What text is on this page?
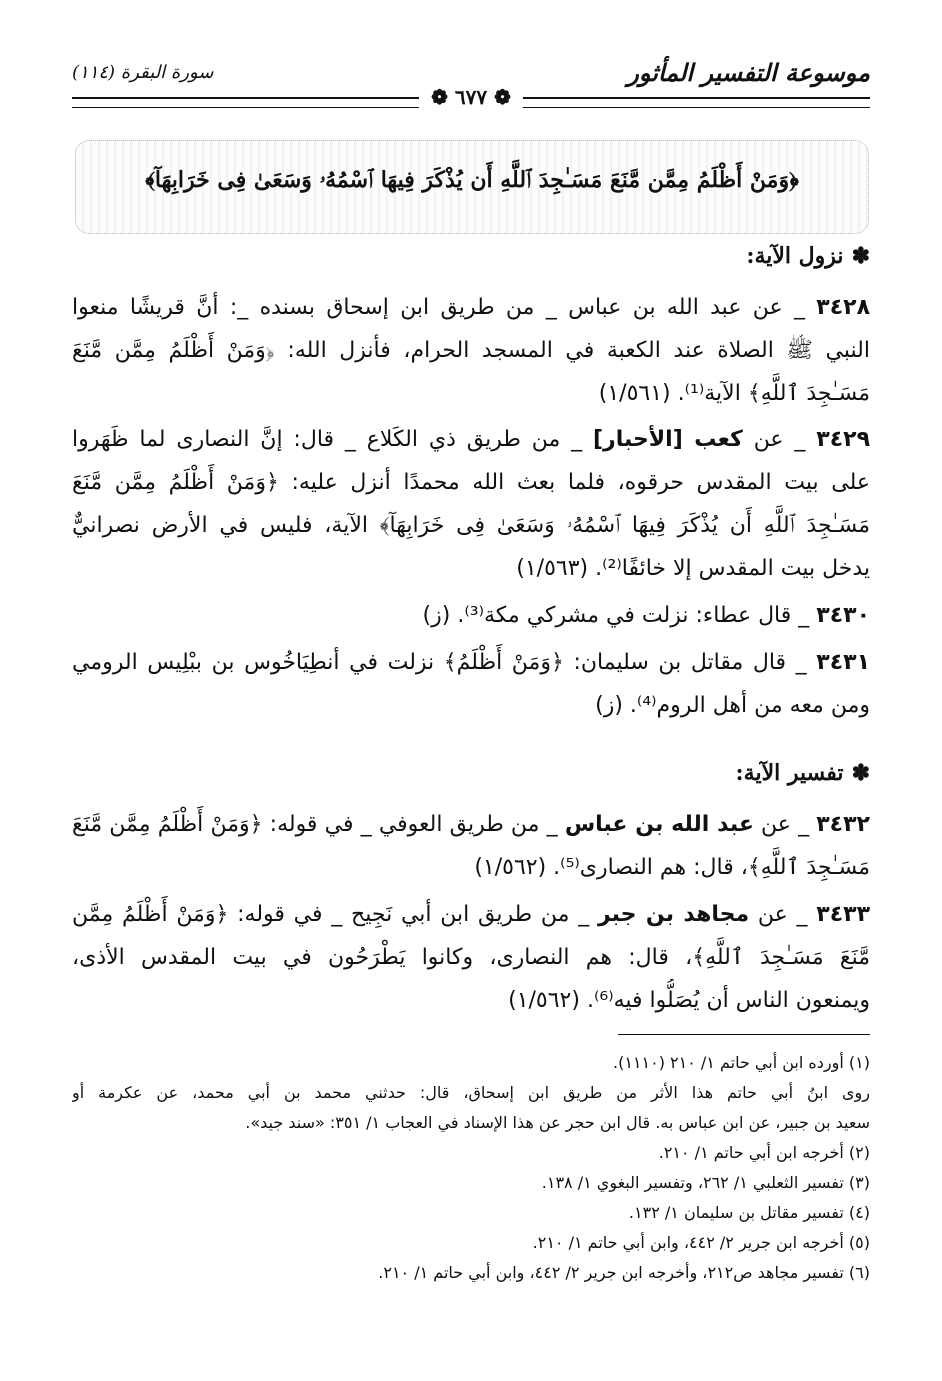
موسوعة التفسير المأثور
سورة البقرة (١١٤)
❁ ٦٧٧ ❁
﴿وَمَنْ أَظْلَمُ مِمَّن مَّنَعَ مَسَـٰجِدَ ٱللَّهِ أَن يُذْكَرَ فِيهَا ٱسْمُهُۥ وَسَعَىٰ فِى خَرَابِهَآ﴾
✽نزول الآية:
٣٤٢٨ _ عن عبد الله بن عباس _ من طريق ابن إسحاق بسنده _: أنَّ قريشًا منعوا
النبي ﷺ الصلاة عند الكعبة في المسجد الحرام، فأنزل الله: ﴿وَمَنْ أَظْلَمُ مِمَّن مَّنَعَ
مَسَـٰجِدَ ٱللَّهِ﴾ الآية⁽¹⁾. (١/٥٦١)
٣٤٢٩ _ عن كعب [الأحبار] _ من طريق ذي الكَلاع _ قال: إنَّ النصارى لما ظَهَروا
على بيت المقدس حرقوه، فلما بعث الله محمدًا أنزل عليه: ﴿وَمَنْ أَظْلَمُ مِمَّن مَّنَعَ
مَسَـٰجِدَ ٱللَّهِ أَن يُذْكَرَ فِيهَا ٱسْمُهُۥ وَسَعَىٰ فِى خَرَابِهَآ﴾ الآية، فليس في الأرض نصرانيٌّ
يدخل بيت المقدس إلا خائفًا⁽²⁾. (١/٥٦٣)
٣٤٣٠ _ قال عطاء: نزلت في مشركي مكة⁽³⁾. (ز)
٣٤٣١ _ قال مقاتل بن سليمان: ﴿وَمَنْ أَظْلَمُ﴾ نزلت في أنطِيَاخُوس بن ببْلِيس الرومي
ومن معه من أهل الروم⁽⁴⁾. (ز)
✽تفسير الآية:
٣٤٣٢ _ عن عبد الله بن عباس _ من طريق العوفي _ في قوله: ﴿وَمَنْ أَظْلَمُ مِمَّن مَّنَعَ
مَسَـٰجِدَ ٱللَّهِ﴾، قال: هم النصارى⁽⁵⁾. (١/٥٦٢)
٣٤٣٣ _ عن مجاهد بن جبر _ من طريق ابن أبي نَجِيح _ في قوله: ﴿وَمَنْ أَظْلَمُ مِمَّن
مَّنَعَ مَسَـٰجِدَ ٱللَّهِ﴾، قال: هم النصارى، وكانوا يَطْرَحُون في بيت المقدس الأذى،
ويمنعون الناس أن يُصَلُّوا فيه⁽⁶⁾. (١/٥٦٢)
(١) أورده ابن أبي حاتم ١/ ٢١٠ (١١١٠).
روى ابنُ أبي حاتم هذا الأثر من طريق ابن إسحاق، قال: حدثني محمد بن أبي محمد، عن عكرمة أو
سعيد بن جبير، عن ابن عباس به. قال ابن حجر عن هذا الإسناد في العجاب ١/ ٣٥١: «سند جيد».
(٢) أخرجه ابن أبي حاتم ١/ ٢١٠.
(٣) تفسير الثعلبي ١/ ٢٦٢، وتفسير البغوي ١/ ١٣٨.
(٤) تفسير مقاتل بن سليمان ١/ ١٣٢.
(٥) أخرجه ابن جرير ٢/ ٤٤٢، وابن أبي حاتم ١/ ٢١٠.
(٦) تفسير مجاهد ص٢١٢، وأخرجه ابن جرير ٢/ ٤٤٢، وابن أبي حاتم ١/ ٢١٠.
